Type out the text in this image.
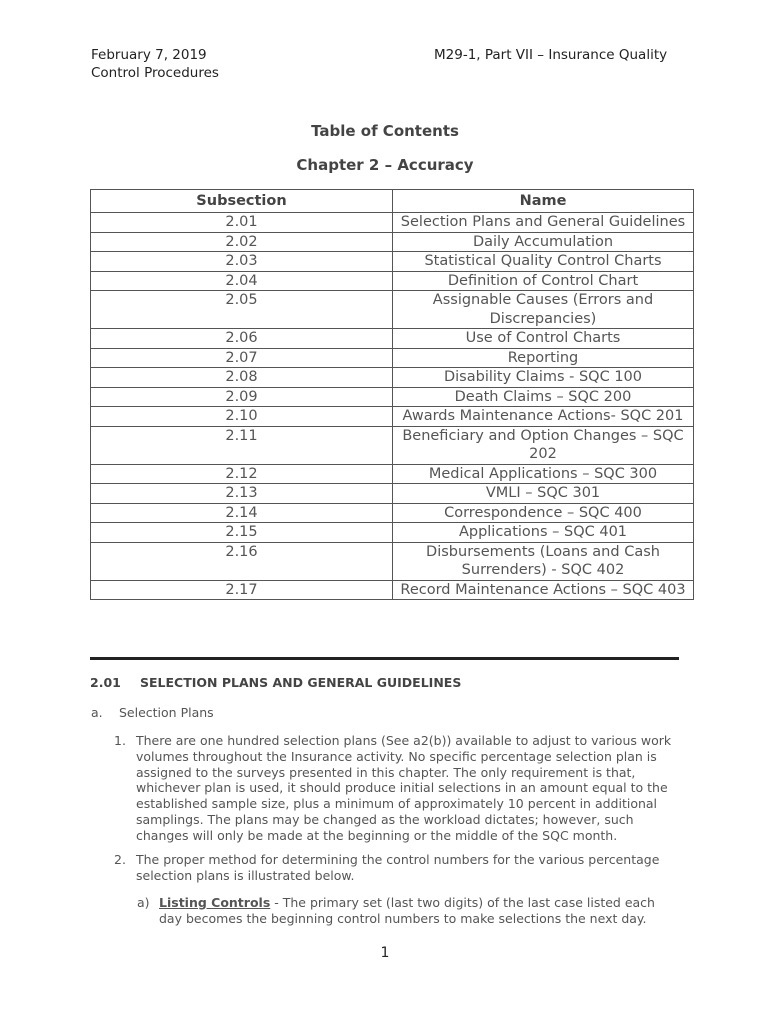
February 7, 2019
Control Procedures
M29-1, Part VII – Insurance Quality
Table of Contents
Chapter 2 – Accuracy
Subsection	Name
2.01	Selection Plans and General Guidelines
2.02	Daily Accumulation
2.03	Statistical Quality Control Charts
2.04	Definition of Control Chart
2.05	Assignable Causes (Errors and Discrepancies)
2.06	Use of Control Charts
2.07	Reporting
2.08	Disability Claims - SQC 100
2.09	Death Claims – SQC 200
2.10	Awards Maintenance Actions- SQC 201
2.11	Beneficiary and Option Changes – SQC 202
2.12	Medical Applications – SQC 300
2.13	VMLI – SQC 301
2.14	Correspondence – SQC 400
2.15	Applications – SQC 401
2.16	Disbursements (Loans and Cash Surrenders) - SQC 402
2.17	Record Maintenance Actions – SQC 403
2.01 SELECTION PLANS AND GENERAL GUIDELINES
a. Selection Plans
1. There are one hundred selection plans (See a2(b)) available to adjust to various work volumes throughout the Insurance activity. No specific percentage selection plan is assigned to the surveys presented in this chapter. The only requirement is that, whichever plan is used, it should produce initial selections in an amount equal to the established sample size, plus a minimum of approximately 10 percent in additional samplings. The plans may be changed as the workload dictates; however, such changes will only be made at the beginning or the middle of the SQC month.
2. The proper method for determining the control numbers for the various percentage selection plans is illustrated below.
a) Listing Controls - The primary set (last two digits) of the last case listed each day becomes the beginning control numbers to make selections the next day.
1
